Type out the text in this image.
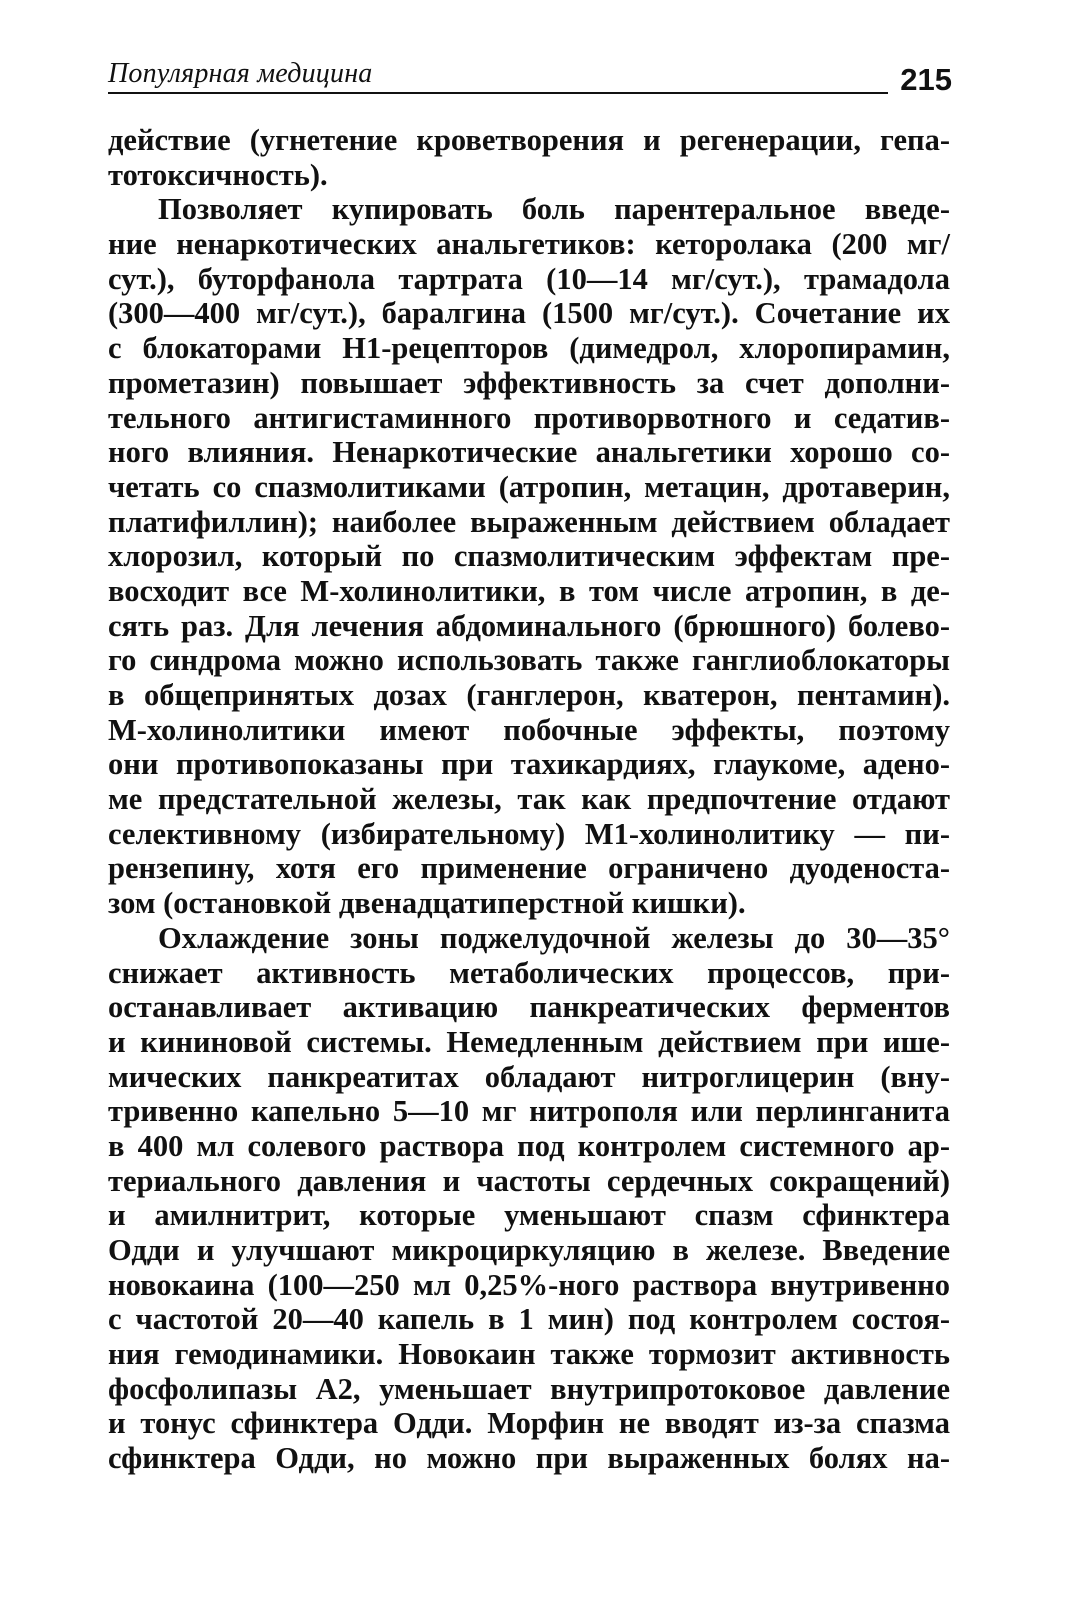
Популярная медицина	215
действие (угнетение кроветворения и регенерации, гепа-
тотоксичность).
Позволяет купировать боль парентеральное введе-
ние ненаркотических анальгетиков: кеторолака (200 мг/
сут.), буторфанола тартрата (10—14 мг/сут.), трамадола
(300—400 мг/сут.), баралгина (1500 мг/сут.). Сочетание их
с блокаторами Н1-рецепторов (димедрол, хлоропирамин,
прометазин) повышает эффективность за счет дополни-
тельного антигистаминного противорвотного и седатив-
ного влияния. Ненаркотические анальгетики хорошо со-
четать со спазмолитиками (атропин, метацин, дротаверин,
платифиллин); наиболее выраженным действием обладает
хлорозил, который по спазмолитическим эффектам пре-
восходит все М-холинолитики, в том числе атропин, в де-
сять раз. Для лечения абдоминального (брюшного) болево-
го синдрома можно использовать также ганглиоблокаторы
в общепринятых дозах (ганглерон, кватерон, пентамин).
М-холинолитики имеют побочные эффекты, поэтому
они противопоказаны при тахикардиях, глаукоме, адено-
ме предстательной железы, так как предпочтение отдают
селективному (избирательному) М1-холинолитику — пи-
рензепину, хотя его применение ограничено дуоденоста-
зом (остановкой двенадцатиперстной кишки).
Охлаждение зоны поджелудочной железы до 30—35°
снижает активность метаболических процессов, при-
останавливает активацию панкреатических ферментов
и кининовой системы. Немедленным действием при ише-
мических панкреатитах обладают нитроглицерин (вну-
тривенно капельно 5—10 мг нитрополя или перлинганита
в 400 мл солевого раствора под контролем системного ар-
териального давления и частоты сердечных сокращений)
и амилнитрит, которые уменьшают спазм сфинктера
Одди и улучшают микроциркуляцию в железе. Введение
новокаина (100—250 мл 0,25%-ного раствора внутривенно
с частотой 20—40 капель в 1 мин) под контролем состоя-
ния гемодинамики. Новокаин также тормозит активность
фосфолипазы А2, уменьшает внутрипротоковое давление
и тонус сфинктера Одди. Морфин не вводят из-за спазма
сфинктера Одди, но можно при выраженных болях на-
